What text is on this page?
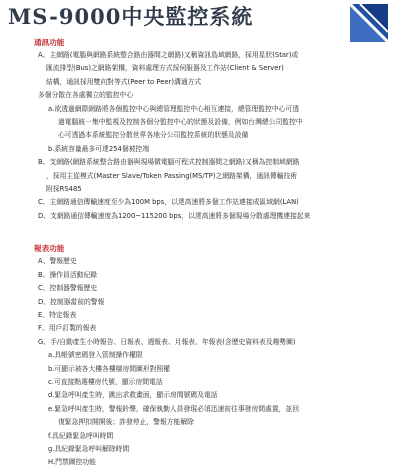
MS-9000中央監控系統

通訊功能

A、主網路(電腦與網路系統整合路由器間之網路)又稱資訊島域網路，採用星狀(Star)或

匯流排型(Bus)之網路架構，資料處理方式採伺服器及工作站(Client & Server)

結構，通訊採用雙向對等式(Peer to Peer)溝通方式

多個分散在各處獨立的監控中心

a.欲透過網際網路將各個監控中心與總管理監控中心相互連接，總管理監控中心可透

過電腦統一集中監視及控制各個分監控中心的狀態及設備，例如台灣總公司監控中

心可透過本系統監控分散世界各地分公司監控系統的狀態及設備

b.系統容量最多可達254個被控端

B、支網路(網路系統整合路由器與現場微電腦可程式控制器間之網路)又稱為控制域網路

，採用主從模式(Master Slave/Token Passing(MS/TP)之網路架構，通訊傳輸技術

附採RS485

C、主網路通信傳輸速度至少為100M bps，以達高速將多個工作站連接成區域網(LAN)

D、支網路通信傳輸速度為1200~115200 bps，以達高速將多個現場分散處理機連接起來

報表功能

A、警報歷史

B、操作員活動紀錄

C、控制器警報歷史

D、控制器當前的警報

E、特定報表

F、用戶訂製的報表

G、手/自動產生小時報告、日報表、週報表、月報表、年報表(含歷史資料表及趨勢圖)

a.具帳號密碼登入管制操作權限

b.可顯示被各大樓各樓層房間圖形對照權

c.可直接點選樓房代號，顯示房間電話

d.緊急呼叫產生時，跳出求救畫面，顯示房間號碼及電話

e.緊急呼叫產生時，警報鈴聲，確保執勤人員發現必須迅速前往事發房間處置，並回

復緊急押扣開開後；詐發停止，警報方能解除

f.具紀錄緊急呼叫時間

g.具紀錄緊急呼叫解除時間

H.門禁圖控功能
